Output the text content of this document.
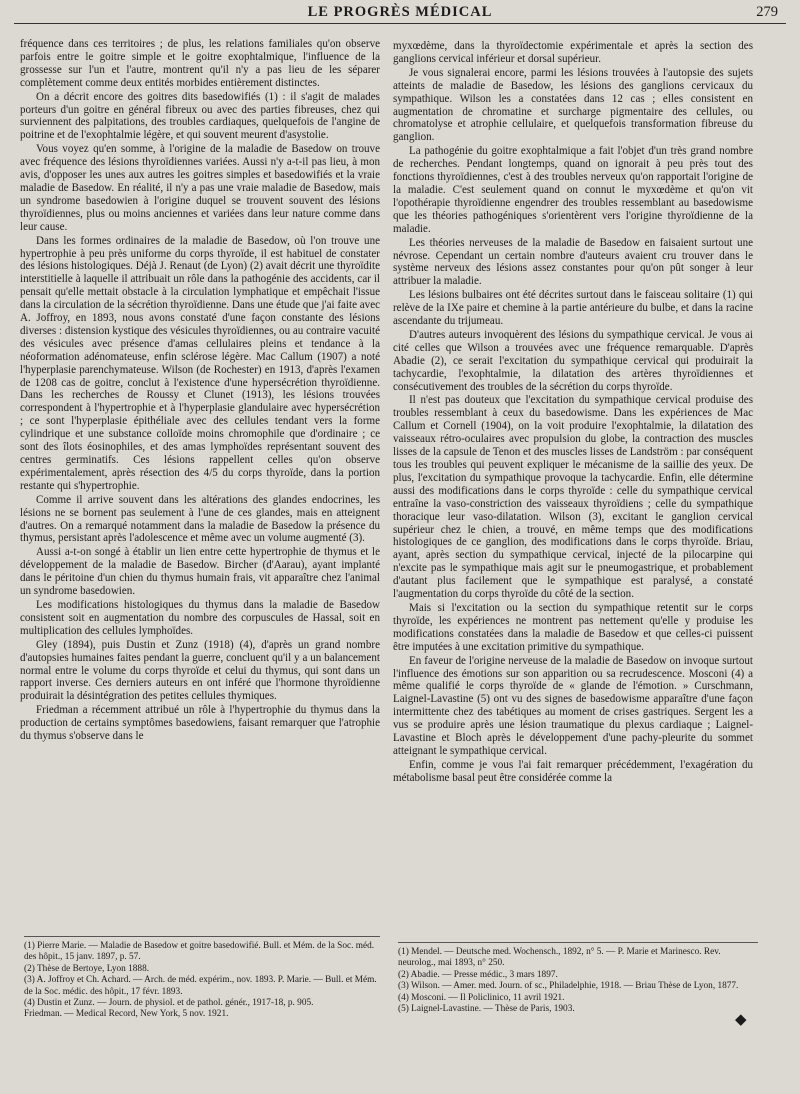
LE PROGRÈS MÉDICAL	279

fréquence dans ces territoires ; de plus, les relations familiales qu'on observe parfois entre le goitre simple et le goitre exophtalmique, l'influence de la grossesse sur l'un et l'autre, montrent qu'il n'y a pas lieu de les séparer complètement comme deux entités morbides entièrement distinctes.

On a décrit encore des goitres dits basedowifiés (1) : il s'agit de malades porteurs d'un goitre en général fibreux ou avec des parties fibreuses, chez qui surviennent des palpitations, des troubles cardiaques, quelquefois de l'angine de poitrine et de l'exophtalmie légère, et qui souvent meurent d'asystolie.

Vous voyez qu'en somme, à l'origine de la maladie de Basedow on trouve avec fréquence des lésions thyroïdiennes variées. Aussi n'y a-t-il pas lieu, à mon avis, d'opposer les unes aux autres les goitres simples et basedowifiés et la vraie maladie de Basedow. En réalité, il n'y a pas une vraie maladie de Basedow, mais un syndrome basedowien à l'origine duquel se trouvent souvent des lésions thyroïdiennes, plus ou moins anciennes et variées dans leur nature comme dans leur cause.

Dans les formes ordinaires de la maladie de Basedow, où l'on trouve une hypertrophie à peu près uniforme du corps thyroïde, il est habituel de constater des lésions histologiques. Déjà J. Renaut (de Lyon) (2) avait décrit une thyroïdite interstitielle à laquelle il attribuait un rôle dans la pathogénie des accidents, car il pensait qu'elle mettait obstacle à la circulation lymphatique et empêchait l'issue dans la circulation de la sécrétion thyroïdienne. Dans une étude que j'ai faite avec A. Joffroy, en 1893, nous avons constaté d'une façon constante des lésions diverses : distension kystique des vésicules thyroïdiennes, ou au contraire vacuité des vésicules avec présence d'amas cellulaires pleins et tendance à la néoformation adénomateuse, enfin sclérose légère. Mac Callum (1907) a noté l'hyperplasie parenchymateuse. Wilson (de Rochester) en 1913, d'après l'examen de 1208 cas de goitre, conclut à l'existence d'une hypersécrétion thyroïdienne. Dans les recherches de Roussy et Clunet (1913), les lésions trouvées correspondent à l'hypertrophie et à l'hyperplasie glandulaire avec hypersécrétion ; ce sont l'hyperplasie épithéliale avec des cellules tendant vers la forme cylindrique et une substance colloïde moins chromophile que d'ordinaire ; ce sont des îlots éosinophiles, et des amas lymphoïdes représentant souvent des centres germinatifs. Ces lésions rappellent celles qu'on observe expérimentalement, après résection des 4/5 du corps thyroïde, dans la portion restante qui s'hypertrophie.

Comme il arrive souvent dans les altérations des glandes endocrines, les lésions ne se bornent pas seulement à l'une de ces glandes, mais en atteignent d'autres. On a remarqué notamment dans la maladie de Basedow la présence du thymus, persistant après l'adolescence et même avec un volume augmenté (3).

Aussi a-t-on songé à établir un lien entre cette hypertrophie de thymus et le développement de la maladie de Basedow. Bircher (d'Aarau), ayant implanté dans le péritoine d'un chien du thymus humain frais, vit apparaître chez l'animal un syndrome basedowien.

Les modifications histologiques du thymus dans la maladie de Basedow consistent soit en augmentation du nombre des corpuscules de Hassal, soit en multiplication des cellules lymphoïdes.

Gley (1894), puis Dustin et Zunz (1918) (4), d'après un grand nombre d'autopsies humaines faites pendant la guerre, concluent qu'il y a un balancement normal entre le volume du corps thyroïde et celui du thymus, qui sont dans un rapport inverse. Ces derniers auteurs en ont inféré que l'hormone thyroïdienne produirait la désintégration des petites cellules thymiques.

Friedman a récemment attribué un rôle à l'hypertrophie du thymus dans la production de certains symptômes basedowiens, faisant remarquer que l'atrophie du thymus s'observe dans le

myxœdème, dans la thyroïdectomie expérimentale et après la section des ganglions cervical inférieur et dorsal supérieur.

Je vous signalerai encore, parmi les lésions trouvées à l'autopsie des sujets atteints de maladie de Basedow, les lésions des ganglions cervicaux du sympathique. Wilson les a constatées dans 12 cas ; elles consistent en augmentation de chromatine et surcharge pigmentaire des cellules, ou chromatolyse et atrophie cellulaire, et quelquefois transformation fibreuse du ganglion.

La pathogénie du goitre exophtalmique a fait l'objet d'un très grand nombre de recherches. Pendant longtemps, quand on ignorait à peu près tout des fonctions thyroïdiennes, c'est à des troubles nerveux qu'on rapportait l'origine de la maladie. C'est seulement quand on connut le myxœdème et qu'on vit l'opothérapie thyroïdienne engendrer des troubles ressemblant au basedowisme que les théories pathogéniques s'orientèrent vers l'origine thyroïdienne de la maladie.

Les théories nerveuses de la maladie de Basedow en faisaient surtout une névrose. Cependant un certain nombre d'auteurs avaient cru trouver dans le système nerveux des lésions assez constantes pour qu'on pût songer à leur attribuer la maladie.

Les lésions bulbaires ont été décrites surtout dans le faisceau solitaire (1) qui relève de la IXe paire et chemine à la partie antérieure du bulbe, et dans la racine ascendante du trijumeau.

D'autres auteurs invoquèrent des lésions du sympathique cervical. Je vous ai cité celles que Wilson a trouvées avec une fréquence remarquable. D'après Abadie (2), ce serait l'excitation du sympathique cervical qui produirait la tachycardie, l'exophtalmie, la dilatation des artères thyroïdiennes et consécutivement des troubles de la sécrétion du corps thyroïde.

Il n'est pas douteux que l'excitation du sympathique cervical produise des troubles ressemblant à ceux du basedowisme. Dans les expériences de Mac Callum et Cornell (1904), on la voit produire l'exophtalmie, la dilatation des vaisseaux rétro-oculaires avec propulsion du globe, la contraction des muscles lisses de la capsule de Tenon et des muscles lisses de Landström : par conséquent tous les troubles qui peuvent expliquer le mécanisme de la saillie des yeux. De plus, l'excitation du sympathique provoque la tachycardie. Enfin, elle détermine aussi des modifications dans le corps thyroïde : celle du sympathique cervical entraîne la vaso-constriction des vaisseaux thyroïdiens ; celle du sympathique thoracique leur vaso-dilatation. Wilson (3), excitant le ganglion cervical supérieur chez le chien, a trouvé, en même temps que des modifications histologiques de ce ganglion, des modifications dans le corps thyroïde. Briau, ayant, après section du sympathique cervical, injecté de la pilocarpine qui n'excite pas le sympathique mais agit sur le pneumogastrique, et probablement d'autant plus facilement que le sympathique est paralysé, a constaté l'augmentation du corps thyroïde du côté de la section.

Mais si l'excitation ou la section du sympathique retentit sur le corps thyroïde, les expériences ne montrent pas nettement qu'elle y produise les modifications constatées dans la maladie de Basedow et que celles-ci puissent être imputées à une excitation primitive du sympathique.

En faveur de l'origine nerveuse de la maladie de Basedow on invoque surtout l'influence des émotions sur son apparition ou sa recrudescence. Mosconi (4) a même qualifié le corps thyroïde de « glande de l'émotion. » Curschmann, Laignel-Lavastine (5) ont vu des signes de basedowisme apparaître d'une façon intermittente chez des tabétiques au moment de crises gastriques. Sergent les a vus se produire après une lésion traumatique du plexus cardiaque ; Laignel-Lavastine et Bloch après le développement d'une pachy-pleurite du sommet atteignant le sympathique cervical.

Enfin, comme je vous l'ai fait remarquer précédemment, l'exagération du métabolisme basal peut être considérée comme la

(1) Pierre Marie. — Maladie de Basedow et goitre basedowifié. Bull. et Mém. de la Soc. méd. des hôpit., 15 janv. 1897, p. 57.

(2) Thèse de Bertoye, Lyon 1888.

(3) A. Joffroy et Ch. Achard. — Arch. de méd. expérim., nov. 1893. P. Marie. — Bull. et Mém. de la Soc. médic. des hôpit., 17 févr. 1893.

(4) Dustin et Zunz. — Journ. de physiol. et de pathol. génér., 1917-18, p. 905.

Friedman. — Medical Record, New York, 5 nov. 1921.

(1) Mendel. — Deutsche med. Wochensch., 1892, n° 5. — P. Marie et Marinesco. Rev. neurolog., mai 1893, n° 250.

(2) Abadie. — Presse médic., 3 mars 1897.

(3) Wilson. — Amer. med. Journ. of sc., Philadelphie, 1918. — Briau Thèse de Lyon, 1877.

(4) Mosconi. — Il Policlinico, 11 avril 1921.

(5) Laignel-Lavastine. — Thèse de Paris, 1903.

◆
